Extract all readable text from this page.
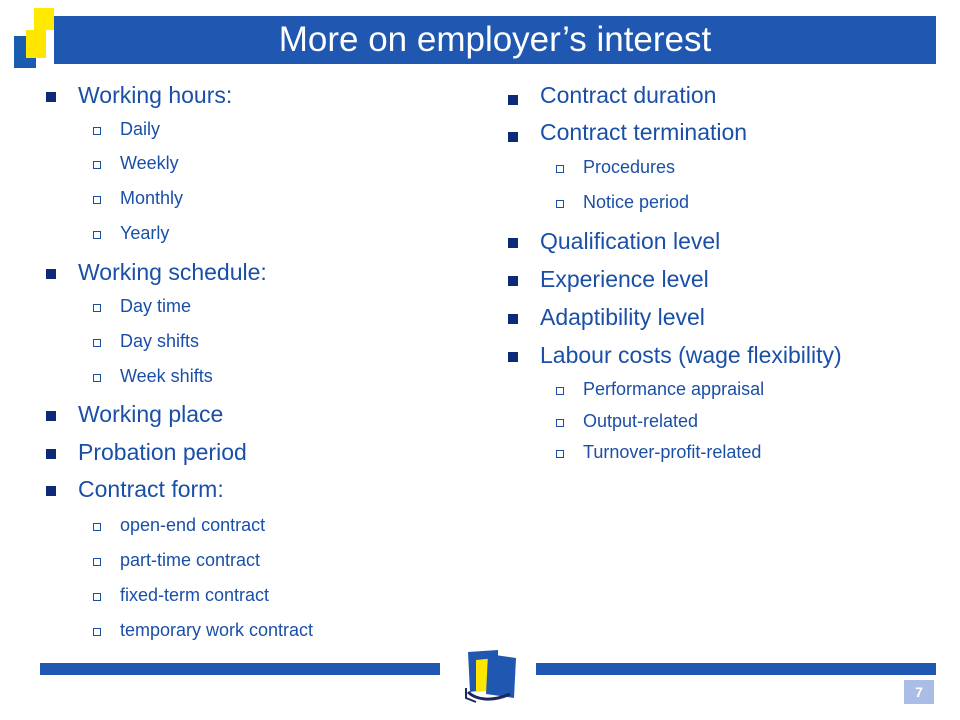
More on employer’s interest
Working hours:
Daily
Weekly
Monthly
Yearly
Working schedule:
Day time
Day shifts
Week shifts
Working place
Probation period
Contract form:
open-end contract
part-time contract
fixed-term contract
temporary work contract
Contract duration
Contract termination
Procedures
Notice period
Qualification level
Experience level
Adaptibility level
Labour costs (wage flexibility)
Performance appraisal
Output-related
Turnover-profit-related
7
